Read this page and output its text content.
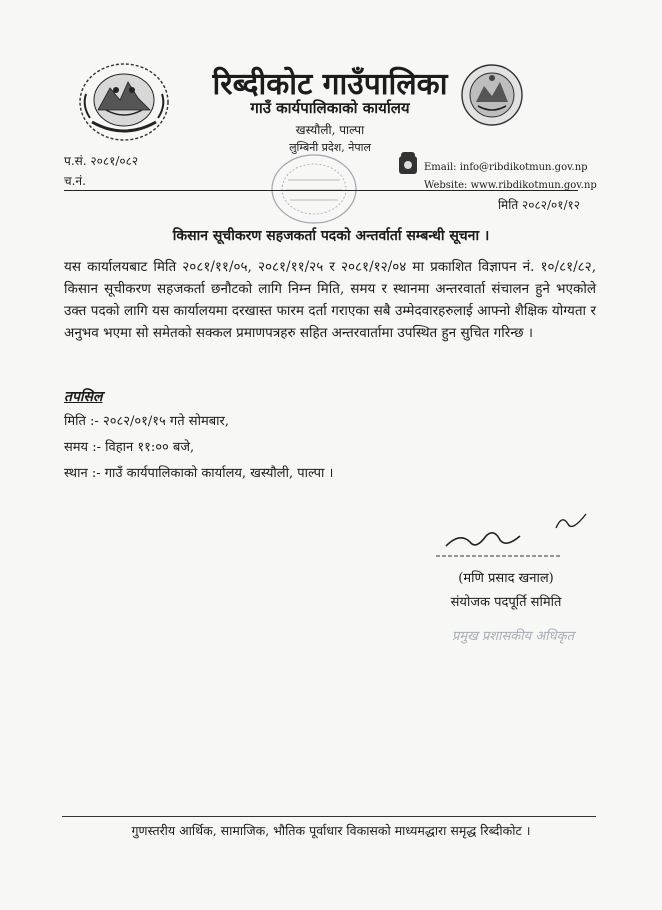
रिब्दीकोट गाउँपालिका
गाउँ कार्यपालिकाको कार्यालय
खस्यौली, पाल्पा
लुम्बिनी प्रदेश, नेपाल
प.सं. २०८१/०८२
च.नं.
Email: info@ribdikotmun.gov.np
Website: www.ribdikotmun.gov.np
मिति २०८२/०१/१२
किसान सूचीकरण सहजकर्ता पदको अन्तर्वार्ता सम्बन्धी सूचना ।

यस कार्यालयबाट मिति २०८१/११/०५, २०८१/११/२५ र २०८१/१२/०४ मा प्रकाशित विज्ञापन नं. १०/८१/८२, किसान सूचीकरण सहजकर्ता छनौटको लागि निम्न मिति, समय र स्थानमा अन्तरवार्ता संचालन हुने भएकोले उक्त पदको लागि यस कार्यालयमा दरखास्त फारम दर्ता गराएका सबै उम्मेदवारहरुलाई आफ्नो शैक्षिक योग्यता र अनुभव भएमा सो समेतको सक्कल प्रमाणपत्रहरु सहित अन्तरवार्तामा उपस्थित हुन सुचित गरिन्छ ।

तपसिल
मिति :- २०८२/०१/१५ गते सोमबार,
समय :- विहान ११:०० बजे,
स्थान :- गाउँ कार्यपालिकाको कार्यालय, खस्यौली, पाल्पा ।
(मणि प्रसाद खनाल)
संयोजक पदपूर्ति समिति
प्रमुख प्रशासकीय अधिकृत
गुणस्तरीय आर्थिक, सामाजिक, भौतिक पूर्वाधार विकासको माध्यमद्धारा समृद्ध रिब्दीकोट ।
